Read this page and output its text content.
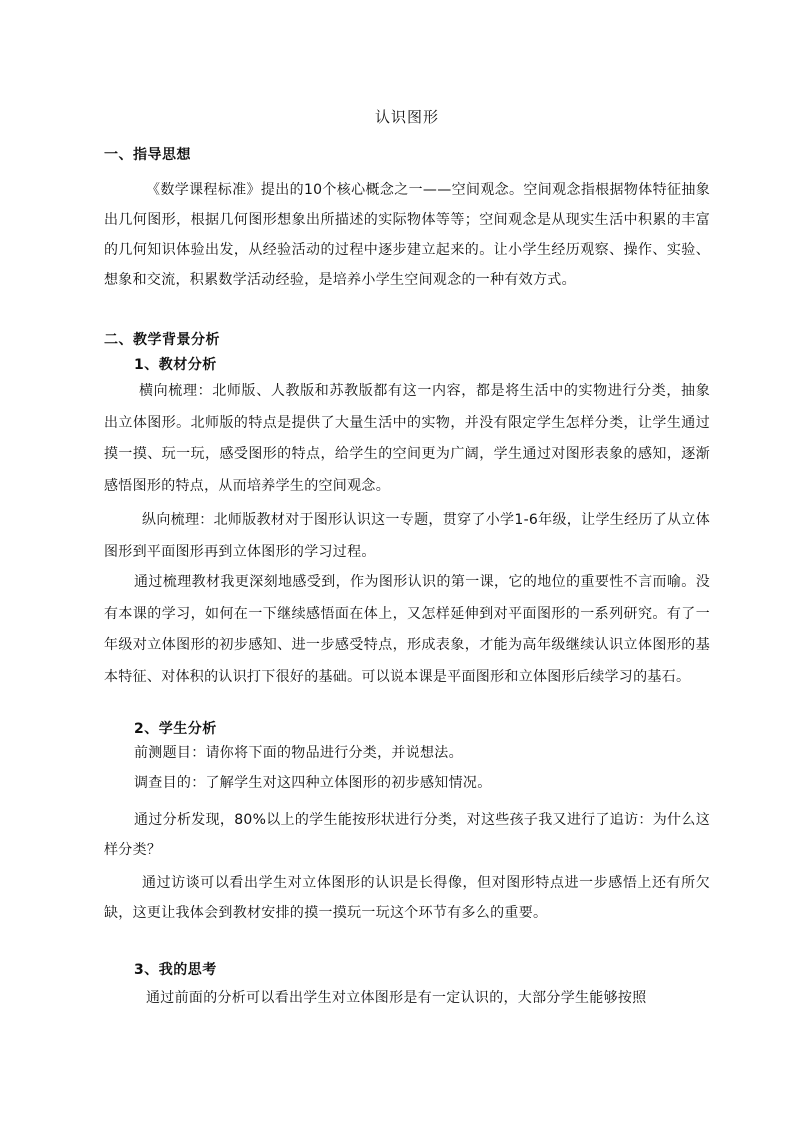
认识图形
一、指导思想
《数学课程标准》提出的10个核心概念之一——空间观念。空间观念指根据物体特征抽象出几何图形，根据几何图形想象出所描述的实际物体等等；空间观念是从现实生活中积累的丰富的几何知识体验出发，从经验活动的过程中逐步建立起来的。让小学生经历观察、操作、实验、想象和交流，积累数学活动经验，是培养小学生空间观念的一种有效方式。
二、教学背景分析
1、教材分析
横向梳理：北师版、人教版和苏教版都有这一内容，都是将生活中的实物进行分类，抽象出立体图形。北师版的特点是提供了大量生活中的实物，并没有限定学生怎样分类，让学生通过摸一摸、玩一玩，感受图形的特点，给学生的空间更为广阔，学生通过对图形表象的感知，逐渐感悟图形的特点，从而培养学生的空间观念。
纵向梳理：北师版教材对于图形认识这一专题，贯穿了小学1-6年级，让学生经历了从立体图形到平面图形再到立体图形的学习过程。
通过梳理教材我更深刻地感受到，作为图形认识的第一课，它的地位的重要性不言而喻。没有本课的学习，如何在一下继续感悟面在体上，又怎样延伸到对平面图形的一系列研究。有了一年级对立体图形的初步感知、进一步感受特点，形成表象，才能为高年级继续认识立体图形的基本特征、对体积的认识打下很好的基础。可以说本课是平面图形和立体图形后续学习的基石。
2、学生分析
前测题目：请你将下面的物品进行分类，并说想法。
调查目的：了解学生对这四种立体图形的初步感知情况。
通过分析发现，80%以上的学生能按形状进行分类，对这些孩子我又进行了追访：为什么这样分类？
通过访谈可以看出学生对立体图形的认识是长得像，但对图形特点进一步感悟上还有所欠缺，这更让我体会到教材安排的摸一摸玩一玩这个环节有多么的重要。
3、我的思考
通过前面的分析可以看出学生对立体图形是有一定认识的，大部分学生能够按照
